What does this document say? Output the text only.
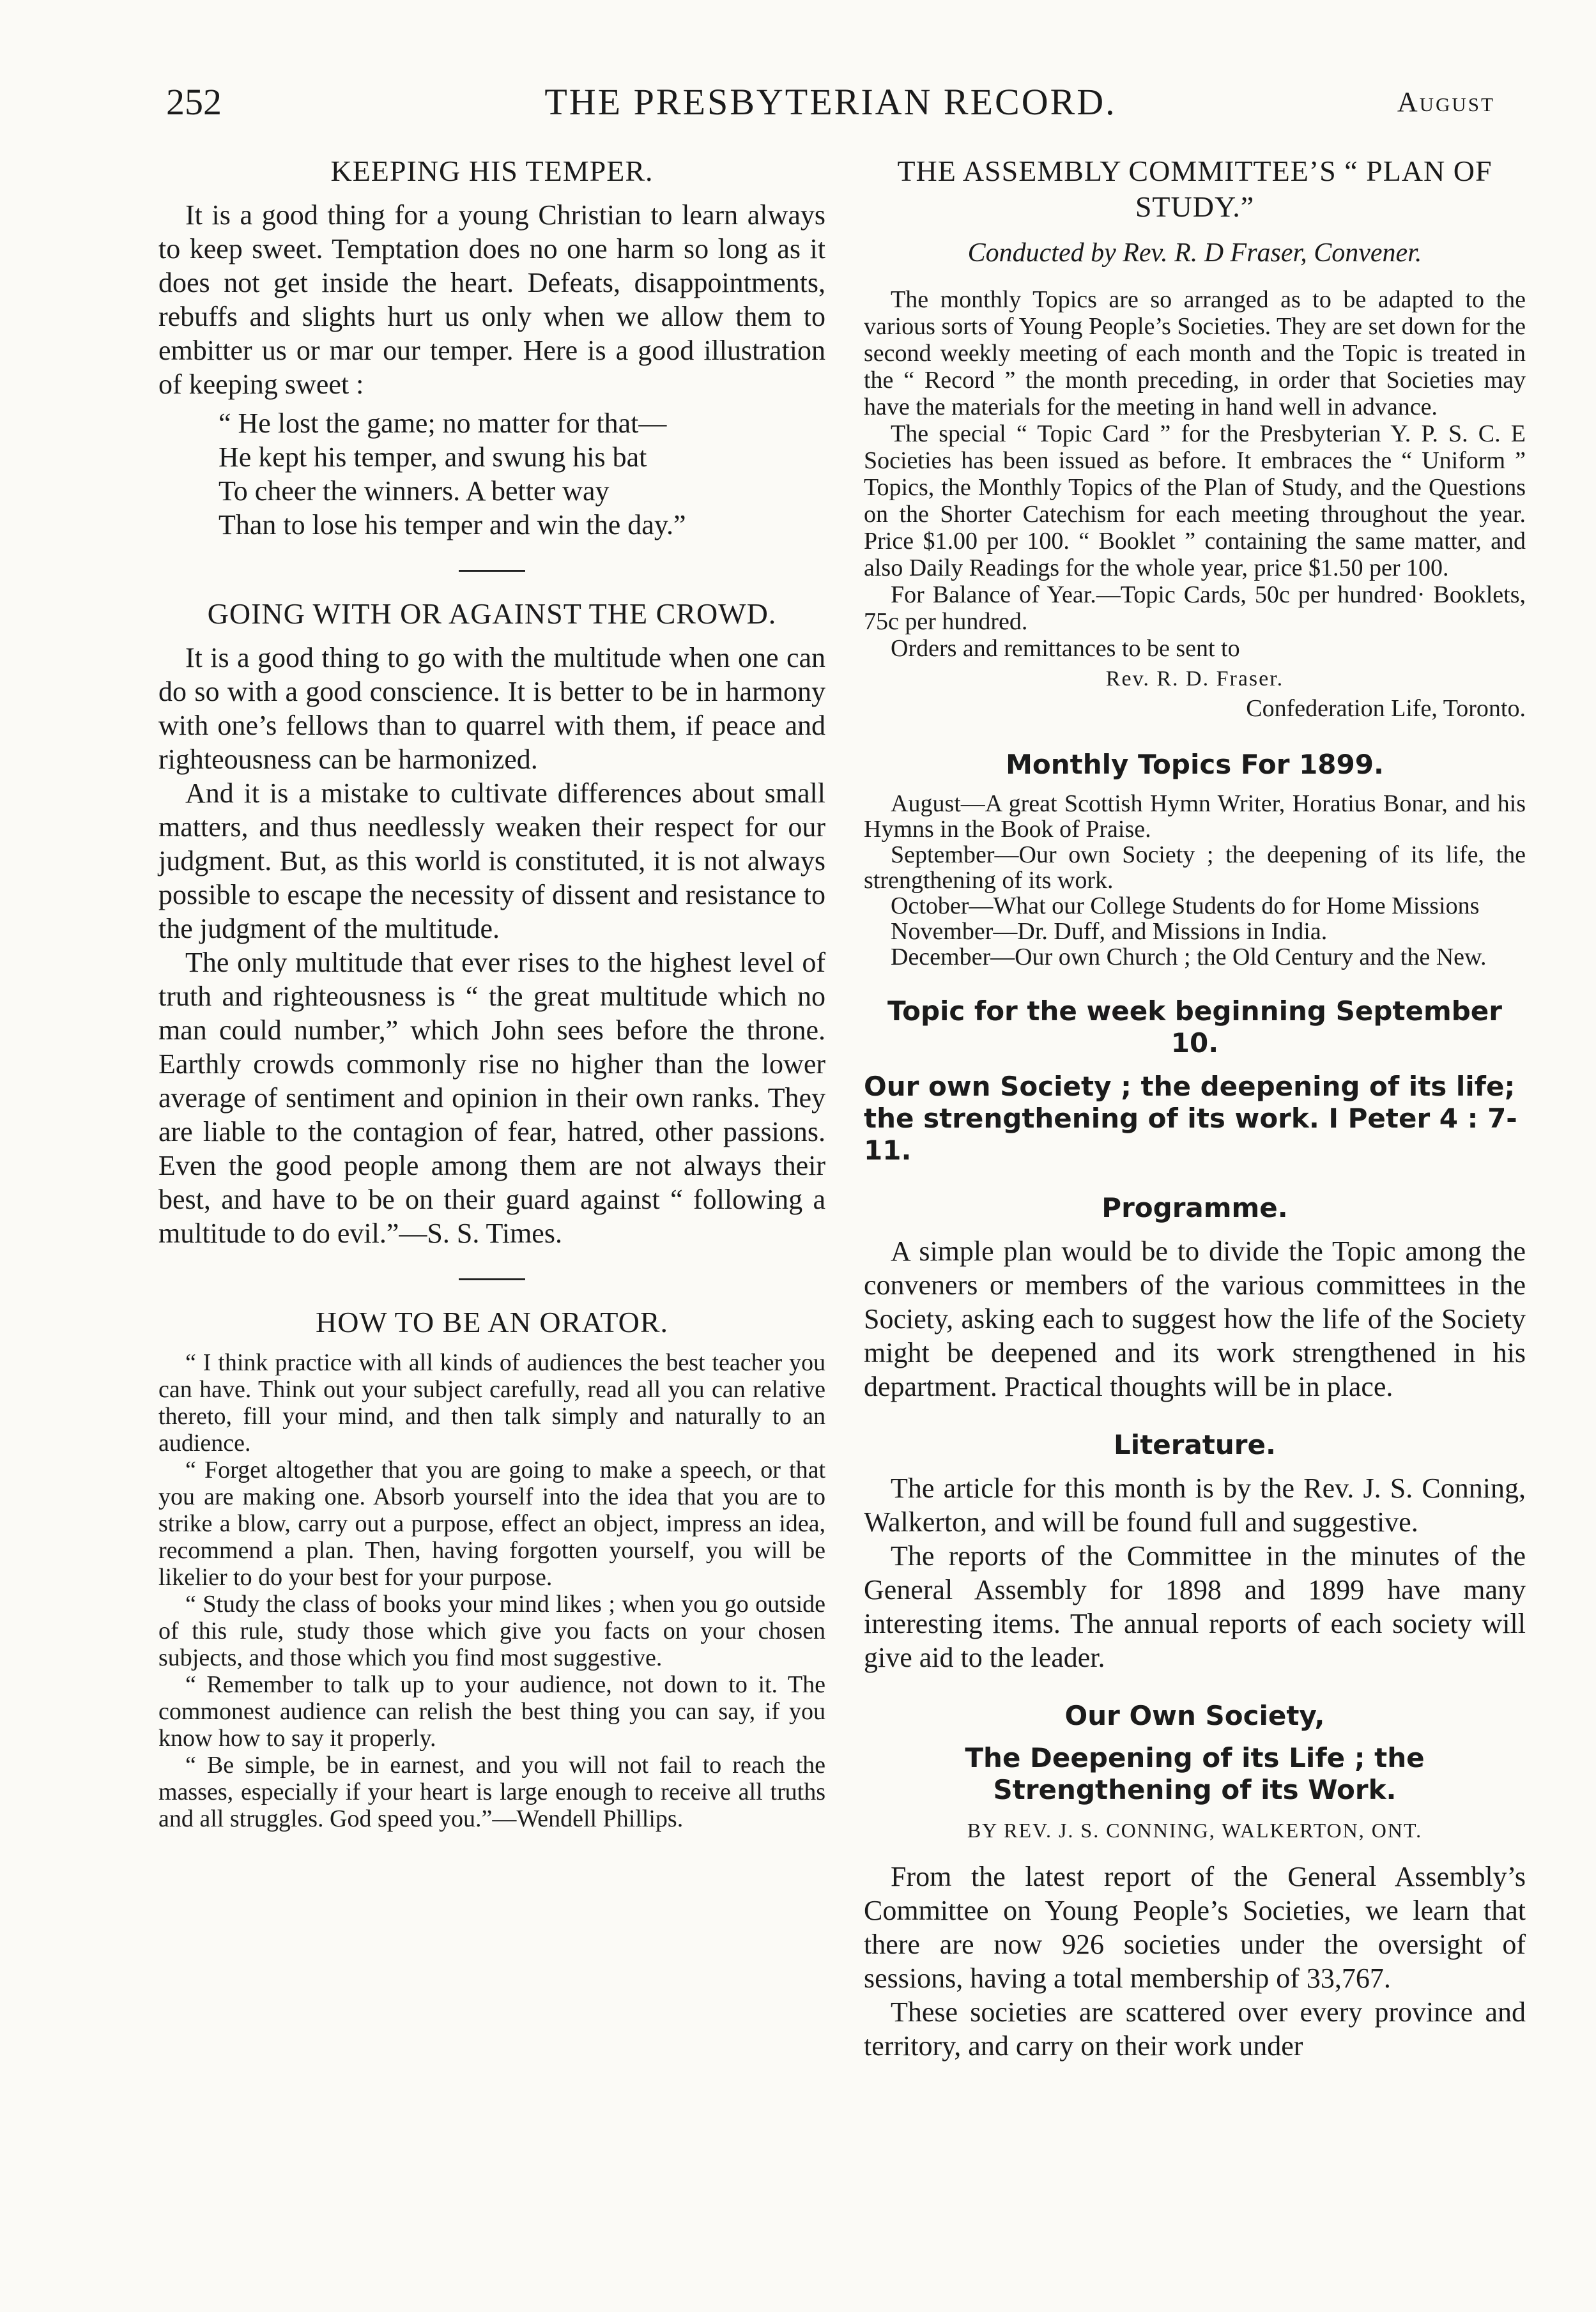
252	THE PRESBYTERIAN RECORD.	August
KEEPING HIS TEMPER.

It is a good thing for a young Christian to learn always to keep sweet. Temptation does no one harm so long as it does not get inside the heart. Defeats, disappointments, rebuffs and slights hurt us only when we allow them to embitter us or mar our temper. Here is a good illustration of keeping sweet :

“ He lost the game; no matter for that—
He kept his temper, and swung his bat
To cheer the winners. A better way
Than to lose his temper and win the day.”
GOING WITH OR AGAINST THE CROWD.

It is a good thing to go with the multitude when one can do so with a good conscience. It is better to be in harmony with one’s fellows than to quarrel with them, if peace and righteousness can be harmonized.

And it is a mistake to cultivate differences about small matters, and thus needlessly weaken their respect for our judgment. But, as this world is constituted, it is not always possible to escape the necessity of dissent and resistance to the judgment of the multitude.

The only multitude that ever rises to the highest level of truth and righteousness is “ the great multitude which no man could number,” which John sees before the throne. Earthly crowds commonly rise no higher than the lower average of sentiment and opinion in their own ranks. They are liable to the contagion of fear, hatred, other passions. Even the good people among them are not always their best, and have to be on their guard against “ following a multitude to do evil.”—S. S. Times.

HOW TO BE AN ORATOR.

“ I think practice with all kinds of audiences the best teacher you can have. Think out your subject carefully, read all you can relative thereto, fill your mind, and then talk simply and naturally to an audience.

“ Forget altogether that you are going to make a speech, or that you are making one. Absorb yourself into the idea that you are to strike a blow, carry out a purpose, effect an object, impress an idea, recommend a plan. Then, having forgotten yourself, you will be likelier to do your best for your purpose.

“ Study the class of books your mind likes ; when you go outside of this rule, study those which give you facts on your chosen subjects, and those which you find most suggestive.

“ Remember to talk up to your audience, not down to it. The commonest audience can relish the best thing you can say, if you know how to say it properly.

“ Be simple, be in earnest, and you will not fail to reach the masses, especially if your heart is large enough to receive all truths and all struggles. God speed you.”—Wendell Phillips.

THE ASSEMBLY COMMITTEE’S “ PLAN OF STUDY.”
Conducted by Rev. R. D Fraser, Convener.

The monthly Topics are so arranged as to be adapted to the various sorts of Young People’s Societies. They are set down for the second weekly meeting of each month and the Topic is treated in the “ Record ” the month preceding, in order that Societies may have the materials for the meeting in hand well in advance.

The special “ Topic Card ” for the Presbyterian Y. P. S. C. E Societies has been issued as before. It embraces the “ Uniform ” Topics, the Monthly Topics of the Plan of Study, and the Questions on the Shorter Catechism for each meeting throughout the year. Price $1.00 per 100. “ Booklet ” containing the same matter, and also Daily Readings for the whole year, price $1.50 per 100.

For Balance of Year.—Topic Cards, 50c per hundred· Booklets, 75c per hundred.

Orders and remittances to be sent to

Rev. R. D. Fraser.
Confederation Life, Toronto.
Monthly Topics For 1899.

August—A great Scottish Hymn Writer, Horatius Bonar, and his Hymns in the Book of Praise.

September—Our own Society ; the deepening of its life, the strengthening of its work.

October—What our College Students do for Home Missions

November—Dr. Duff, and Missions in India.

December—Our own Church ; the Old Century and the New.

Topic for the week beginning September 10.
Our own Society ; the deepening of its life; the strengthening of its work. I Peter 4 : 7-11.
Programme.

A simple plan would be to divide the Topic among the conveners or members of the various committees in the Society, asking each to suggest how the life of the Society might be deepened and its work strengthened in his department. Practical thoughts will be in place.

Literature.

The article for this month is by the Rev. J. S. Conning, Walkerton, and will be found full and suggestive.

The reports of the Committee in the minutes of the General Assembly for 1898 and 1899 have many interesting items. The annual reports of each society will give aid to the leader.

Our Own Society,
The Deepening of its Life ; the Strengthening of its Work.
BY REV. J. S. CONNING, WALKERTON, ONT.

From the latest report of the General Assembly’s Committee on Young People’s Societies, we learn that there are now 926 societies under the oversight of sessions, having a total membership of 33,767.

These societies are scattered over every province and territory, and carry on their work under
